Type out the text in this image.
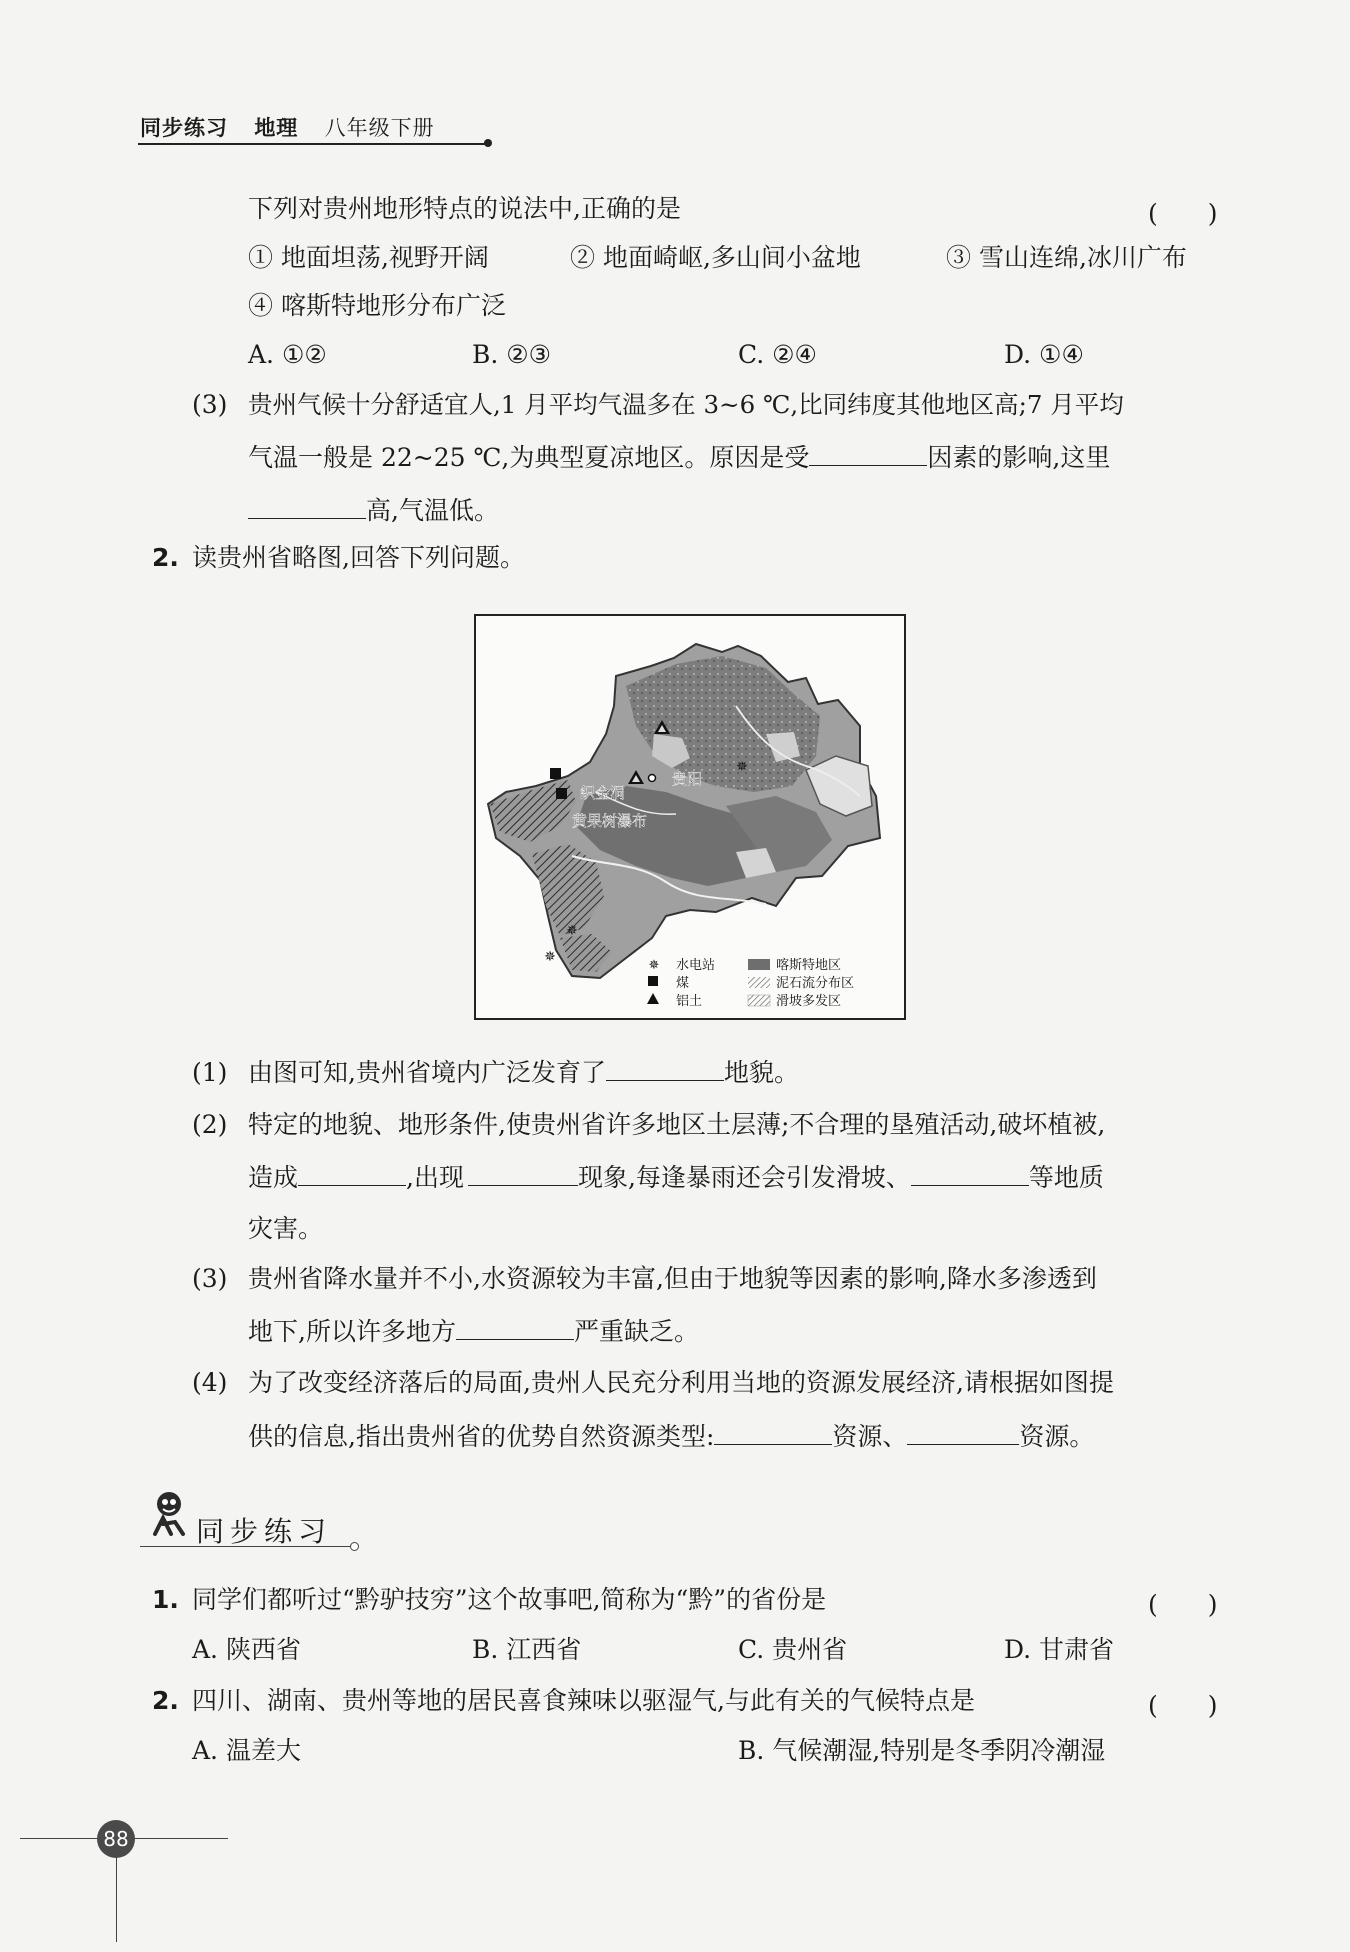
同步练习 地理 八年级下册
下列对贵州地形特点的说法中,正确的是	(　　)
① 地面坦荡,视野开阔	② 地面崎岖,多山间小盆地	③ 雪山连绵,冰川广布
④ 喀斯特地形分布广泛
A. ①②	B. ②③	C. ②④	D. ①④
(3) 贵州气候十分舒适宜人,1 月平均气温多在 3~6 ℃,比同纬度其他地区高;7 月平均
气温一般是 22~25 ℃,为典型夏凉地区。原因是受	因素的影响,这里
高,气温低。
2. 读贵州省略图,回答下列问题。
✵
✵
✵
贵阳
织金洞
黄果树瀑布
✵ 水电站
煤
铝土
喀斯特地区
泥石流分布区
滑坡多发区
(1) 由图可知,贵州省境内广泛发育了	地貌。
(2) 特定的地貌、地形条件,使贵州省许多地区土层薄;不合理的垦殖活动,破坏植被,
造成	,出现	现象,每逢暴雨还会引发滑坡、	等地质
灾害。
(3) 贵州省降水量并不小,水资源较为丰富,但由于地貌等因素的影响,降水多渗透到
地下,所以许多地方	严重缺乏。
(4) 为了改变经济落后的局面,贵州人民充分利用当地的资源发展经济,请根据如图提
供的信息,指出贵州省的优势自然资源类型:	资源、	资源。
同步练习
1. 同学们都听过“黔驴技穷”这个故事吧,简称为“黔”的省份是	(　　)
A. 陕西省	B. 江西省	C. 贵州省	D. 甘肃省
2. 四川、湖南、贵州等地的居民喜食辣味以驱湿气,与此有关的气候特点是	(　　)
A. 温差大	B. 气候潮湿,特别是冬季阴冷潮湿
88
